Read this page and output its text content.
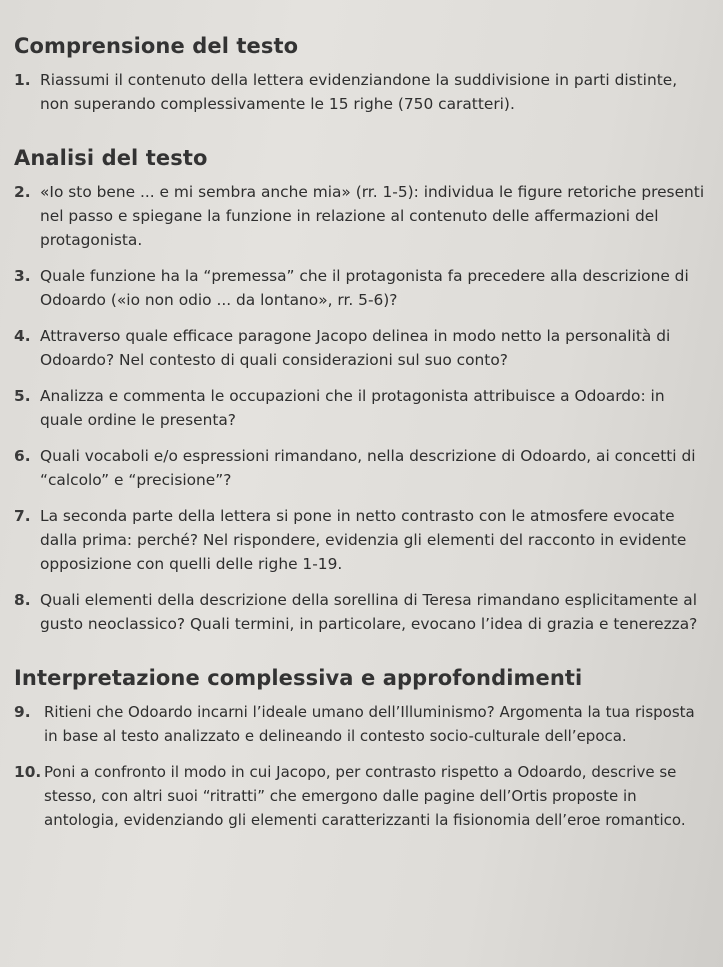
Comprensione del testo
1. Riassumi il contenuto della lettera evidenziandone la suddivisione in parti distinte, non superando complessivamente le 15 righe (750 caratteri).
Analisi del testo
2. «Io sto bene ... e mi sembra anche mia» (rr. 1-5): individua le figure retoriche presenti nel passo e spiegane la funzione in relazione al contenuto delle affermazioni del protagonista.
3. Quale funzione ha la “premessa” che il protagonista fa precedere alla descrizione di Odoardo («io non odio ... da lontano», rr. 5-6)?
4. Attraverso quale efficace paragone Jacopo delinea in modo netto la personalità di Odoardo? Nel contesto di quali considerazioni sul suo conto?
5. Analizza e commenta le occupazioni che il protagonista attribuisce a Odoardo: in quale ordine le presenta?
6. Quali vocaboli e/o espressioni rimandano, nella descrizione di Odoardo, ai concetti di “calcolo” e “precisione”?
7. La seconda parte della lettera si pone in netto contrasto con le atmosfere evocate dalla prima: perché? Nel rispondere, evidenzia gli elementi del racconto in evidente opposizione con quelli delle righe 1-19.
8. Quali elementi della descrizione della sorellina di Teresa rimandano esplicitamente al gusto neoclassico? Quali termini, in particolare, evocano l’idea di grazia e tenerezza?
Interpretazione complessiva e approfondimenti
9. Ritieni che Odoardo incarni l’ideale umano dell’Illuminismo? Argomenta la tua risposta in base al testo analizzato e delineando il contesto socio-culturale dell’epoca.
10. Poni a confronto il modo in cui Jacopo, per contrasto rispetto a Odoardo, descrive se stesso, con altri suoi “ritratti” che emergono dalle pagine dell’Ortis proposte in antologia, evidenziando gli elementi caratterizzanti la fisionomia dell’eroe romantico.
